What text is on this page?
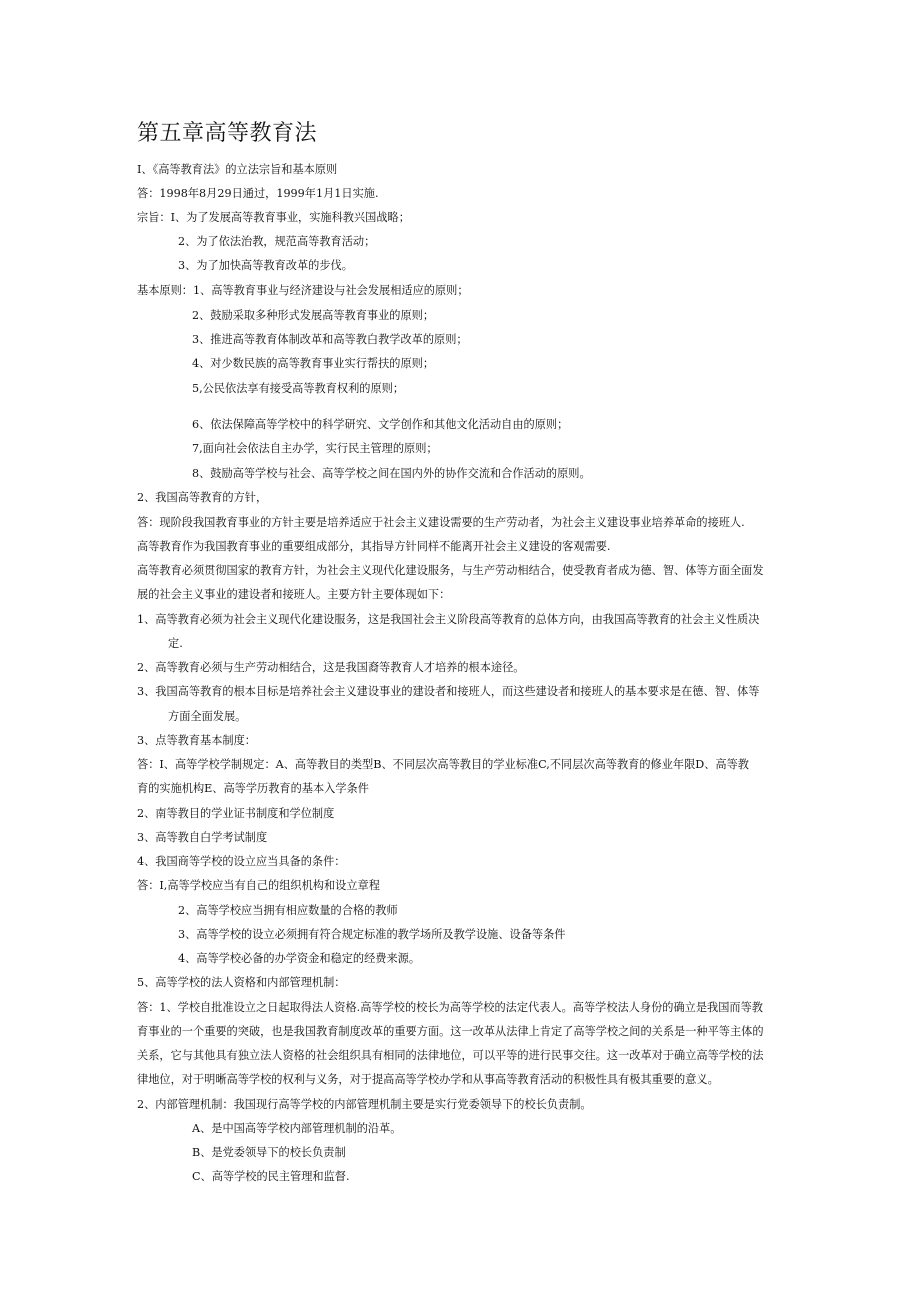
第五章高等教育法
I、《高等教育法》的立法宗旨和基本原则
答：1998年8月29日通过，1999年1月1日实施.
宗旨：I、为了发展高等教育事业，实施科教兴国战略；
2、为了依法治教，规范高等教育活动；
3、为了加快高等教育改革的步伐。
基本原则：1、高等教育事业与经济建设与社会发展相适应的原则；
2、鼓励采取多种形式发展高等教育事业的原则；
3、推进高等教育体制改革和高等教白教学改革的原则；
4、对少数民族的高等教育事业实行帮扶的原则；
5,公民依法享有接受高等教育权利的原则；
6、依法保障高等学校中的科学研究、文学创作和其他文化活动自由的原则；
7,面向社会依法自主办学，实行民主管理的原则；
8、鼓励高等学校与社会、高等学校之间在国内外的协作交流和合作活动的原则。
2、我国高等教育的方针，
答：现阶段我国教育事业的方针主要是培养适应于社会主义建设需要的生产劳动者，为社会主义建设事业培养革命的接班人.
高等教育作为我国教育事业的重要组成部分，其指导方针同样不能离开社会主义建设的客观需要.
高等教育必须贯彻国家的教育方针，为社会主义现代化建设服务，与生产劳动相结合，使受教育者成为德、智、体等方面全面发
展的社会主义事业的建设者和接班人。主要方针主要体现如下：
1、高等教育必须为社会主义现代化建设服务，这是我国社会主义阶段高等教育的总体方向，由我国高等教育的社会主义性质决
定.
2、高等教育必须与生产劳动相结合，这是我国裔等教育人才培养的根本途径。
3、我国高等教育的根本目标是培养社会主义建设事业的建设者和接班人，而这些建设者和接班人的基本要求是在德、智、体等
方面全面发展。
3、点等教育基本制度：
答：I、高等学校学制规定：A、高等教目的类型B、不同层次高等教目的学业标准C,不同层次高等教育的修业年限D、高等教
育的实施机构E、高等学历教育的基本入学条件
2、南等教目的学业证书制度和学位制度
3、高等教自白学考试制度
4、我国商等学校的设立应当具备的条件：
答：I,高等学校应当有自己的组织机构和设立章程
2、高等学校应当拥有相应数量的合格的教师
3、高等学校的设立必须拥有符合规定标准的教学场所及教学设施、设备等条件
4、高等学校必备的办学资金和稳定的经费来源。
5、高等学校的法人资格和内部管理机制：
答：1、学校自批准设立之日起取得法人资格.高等学校的校长为高等学校的法定代表人。高等学校法人身份的确立是我国而等教
育事业的一个重要的突破，也是我国教育制度改革的重要方面。这一改革从法律上肯定了高等学校之间的关系是一种平等主体的
关系，它与其他具有独立法人资格的社会组织具有相同的法律地位，可以平等的进行民事交往。这一改革对于确立高等学校的法
律地位，对于明晰高等学校的权利与义务，对于提高高等学校办学和从事高等教育活动的积极性具有极其重要的意义。
2、内部管理机制：我国现行高等学校的内部管理机制主要是实行党委领导下的校长负责制。
A、是中国高等学校内部管理机制的沿革。
B、是党委领导下的校长负责制
C、高等学校的民主管理和监督.
